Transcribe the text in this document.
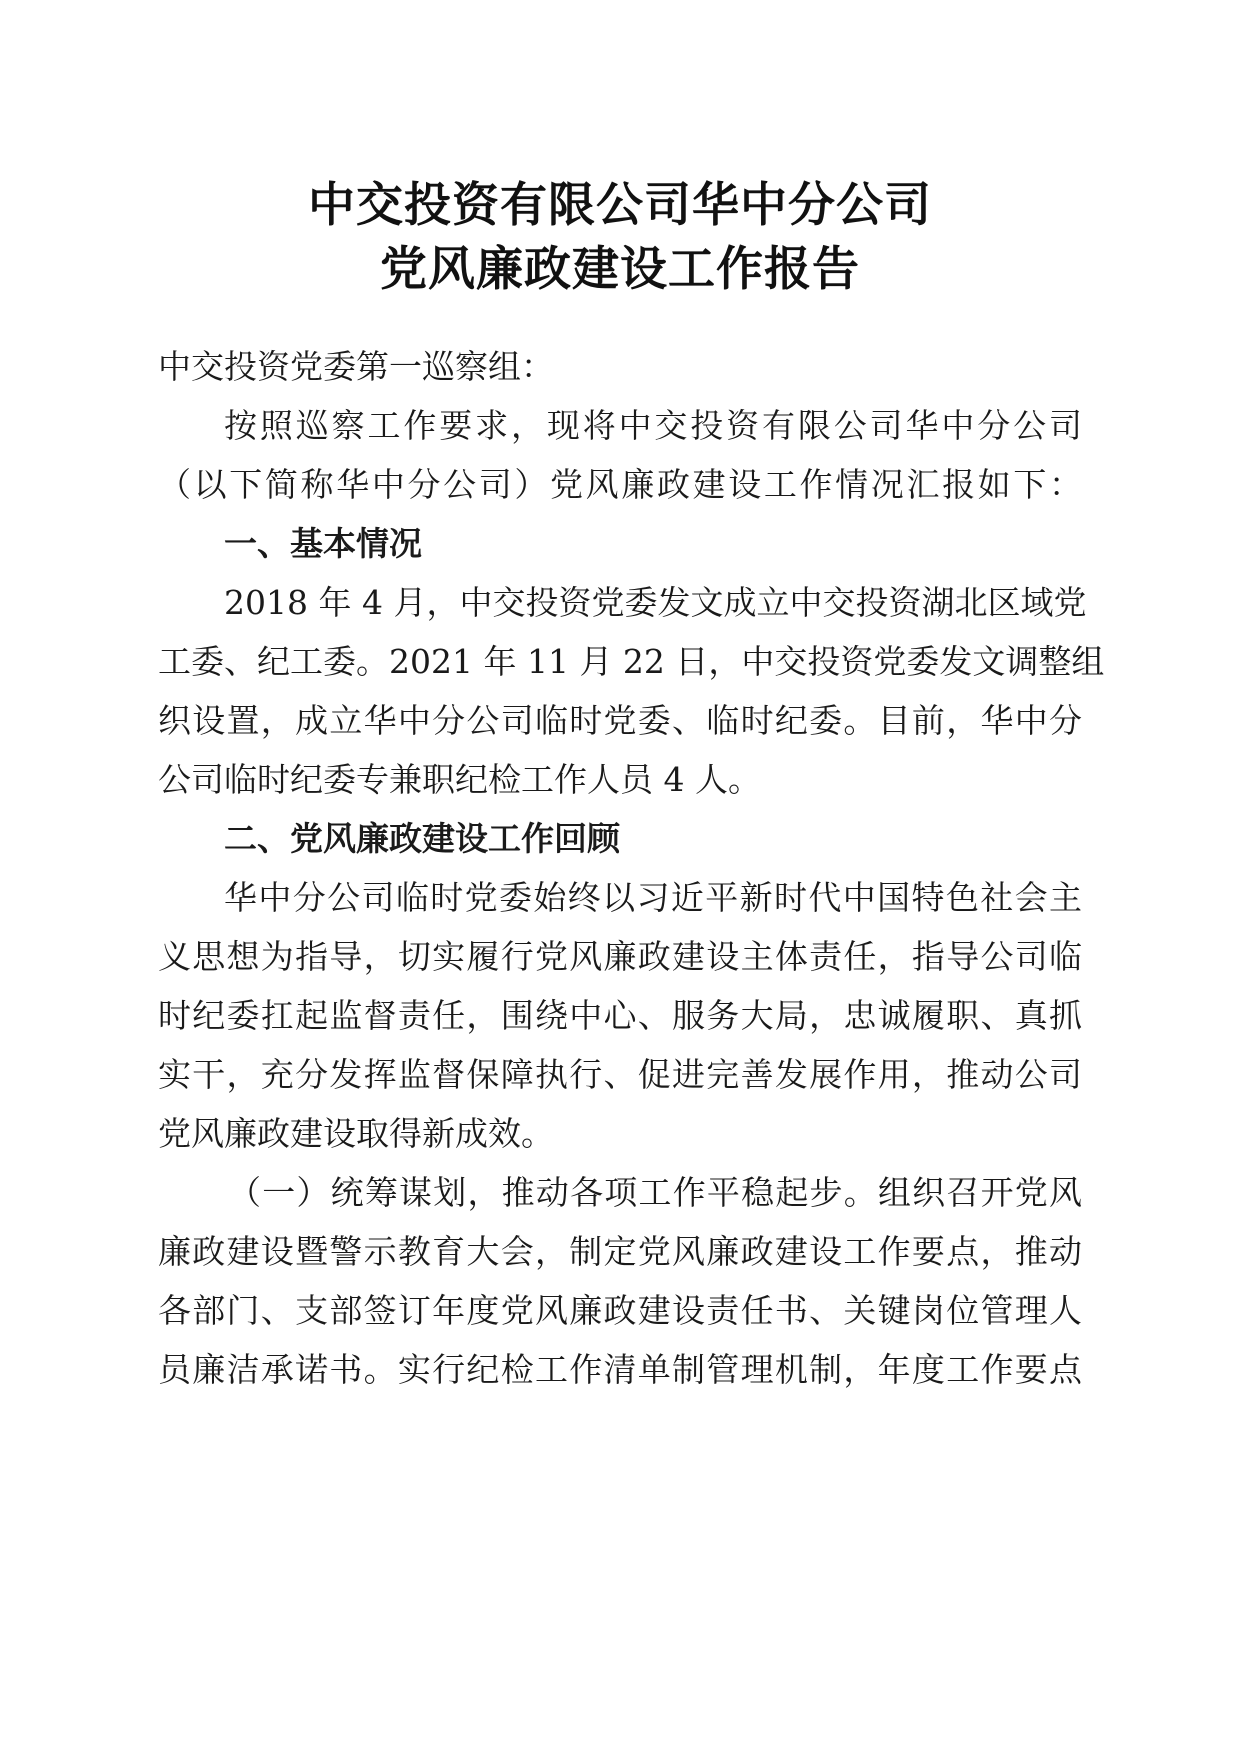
中交投资有限公司华中分公司
党风廉政建设工作报告
中交投资党委第一巡察组：
按照巡察工作要求，现将中交投资有限公司华中分公司
（以下简称华中分公司）党风廉政建设工作情况汇报如下：
一、基本情况
2018 年 4 月，中交投资党委发文成立中交投资湖北区域党
工委、纪工委。2021 年 11 月 22 日，中交投资党委发文调整组
织设置，成立华中分公司临时党委、临时纪委。目前，华中分
公司临时纪委专兼职纪检工作人员 4 人。
二、党风廉政建设工作回顾
华中分公司临时党委始终以习近平新时代中国特色社会主
义思想为指导，切实履行党风廉政建设主体责任，指导公司临
时纪委扛起监督责任，围绕中心、服务大局，忠诚履职、真抓
实干，充分发挥监督保障执行、促进完善发展作用，推动公司
党风廉政建设取得新成效。
（一）统筹谋划，推动各项工作平稳起步。组织召开党风
廉政建设暨警示教育大会，制定党风廉政建设工作要点，推动
各部门、支部签订年度党风廉政建设责任书、关键岗位管理人
员廉洁承诺书。实行纪检工作清单制管理机制，年度工作要点
